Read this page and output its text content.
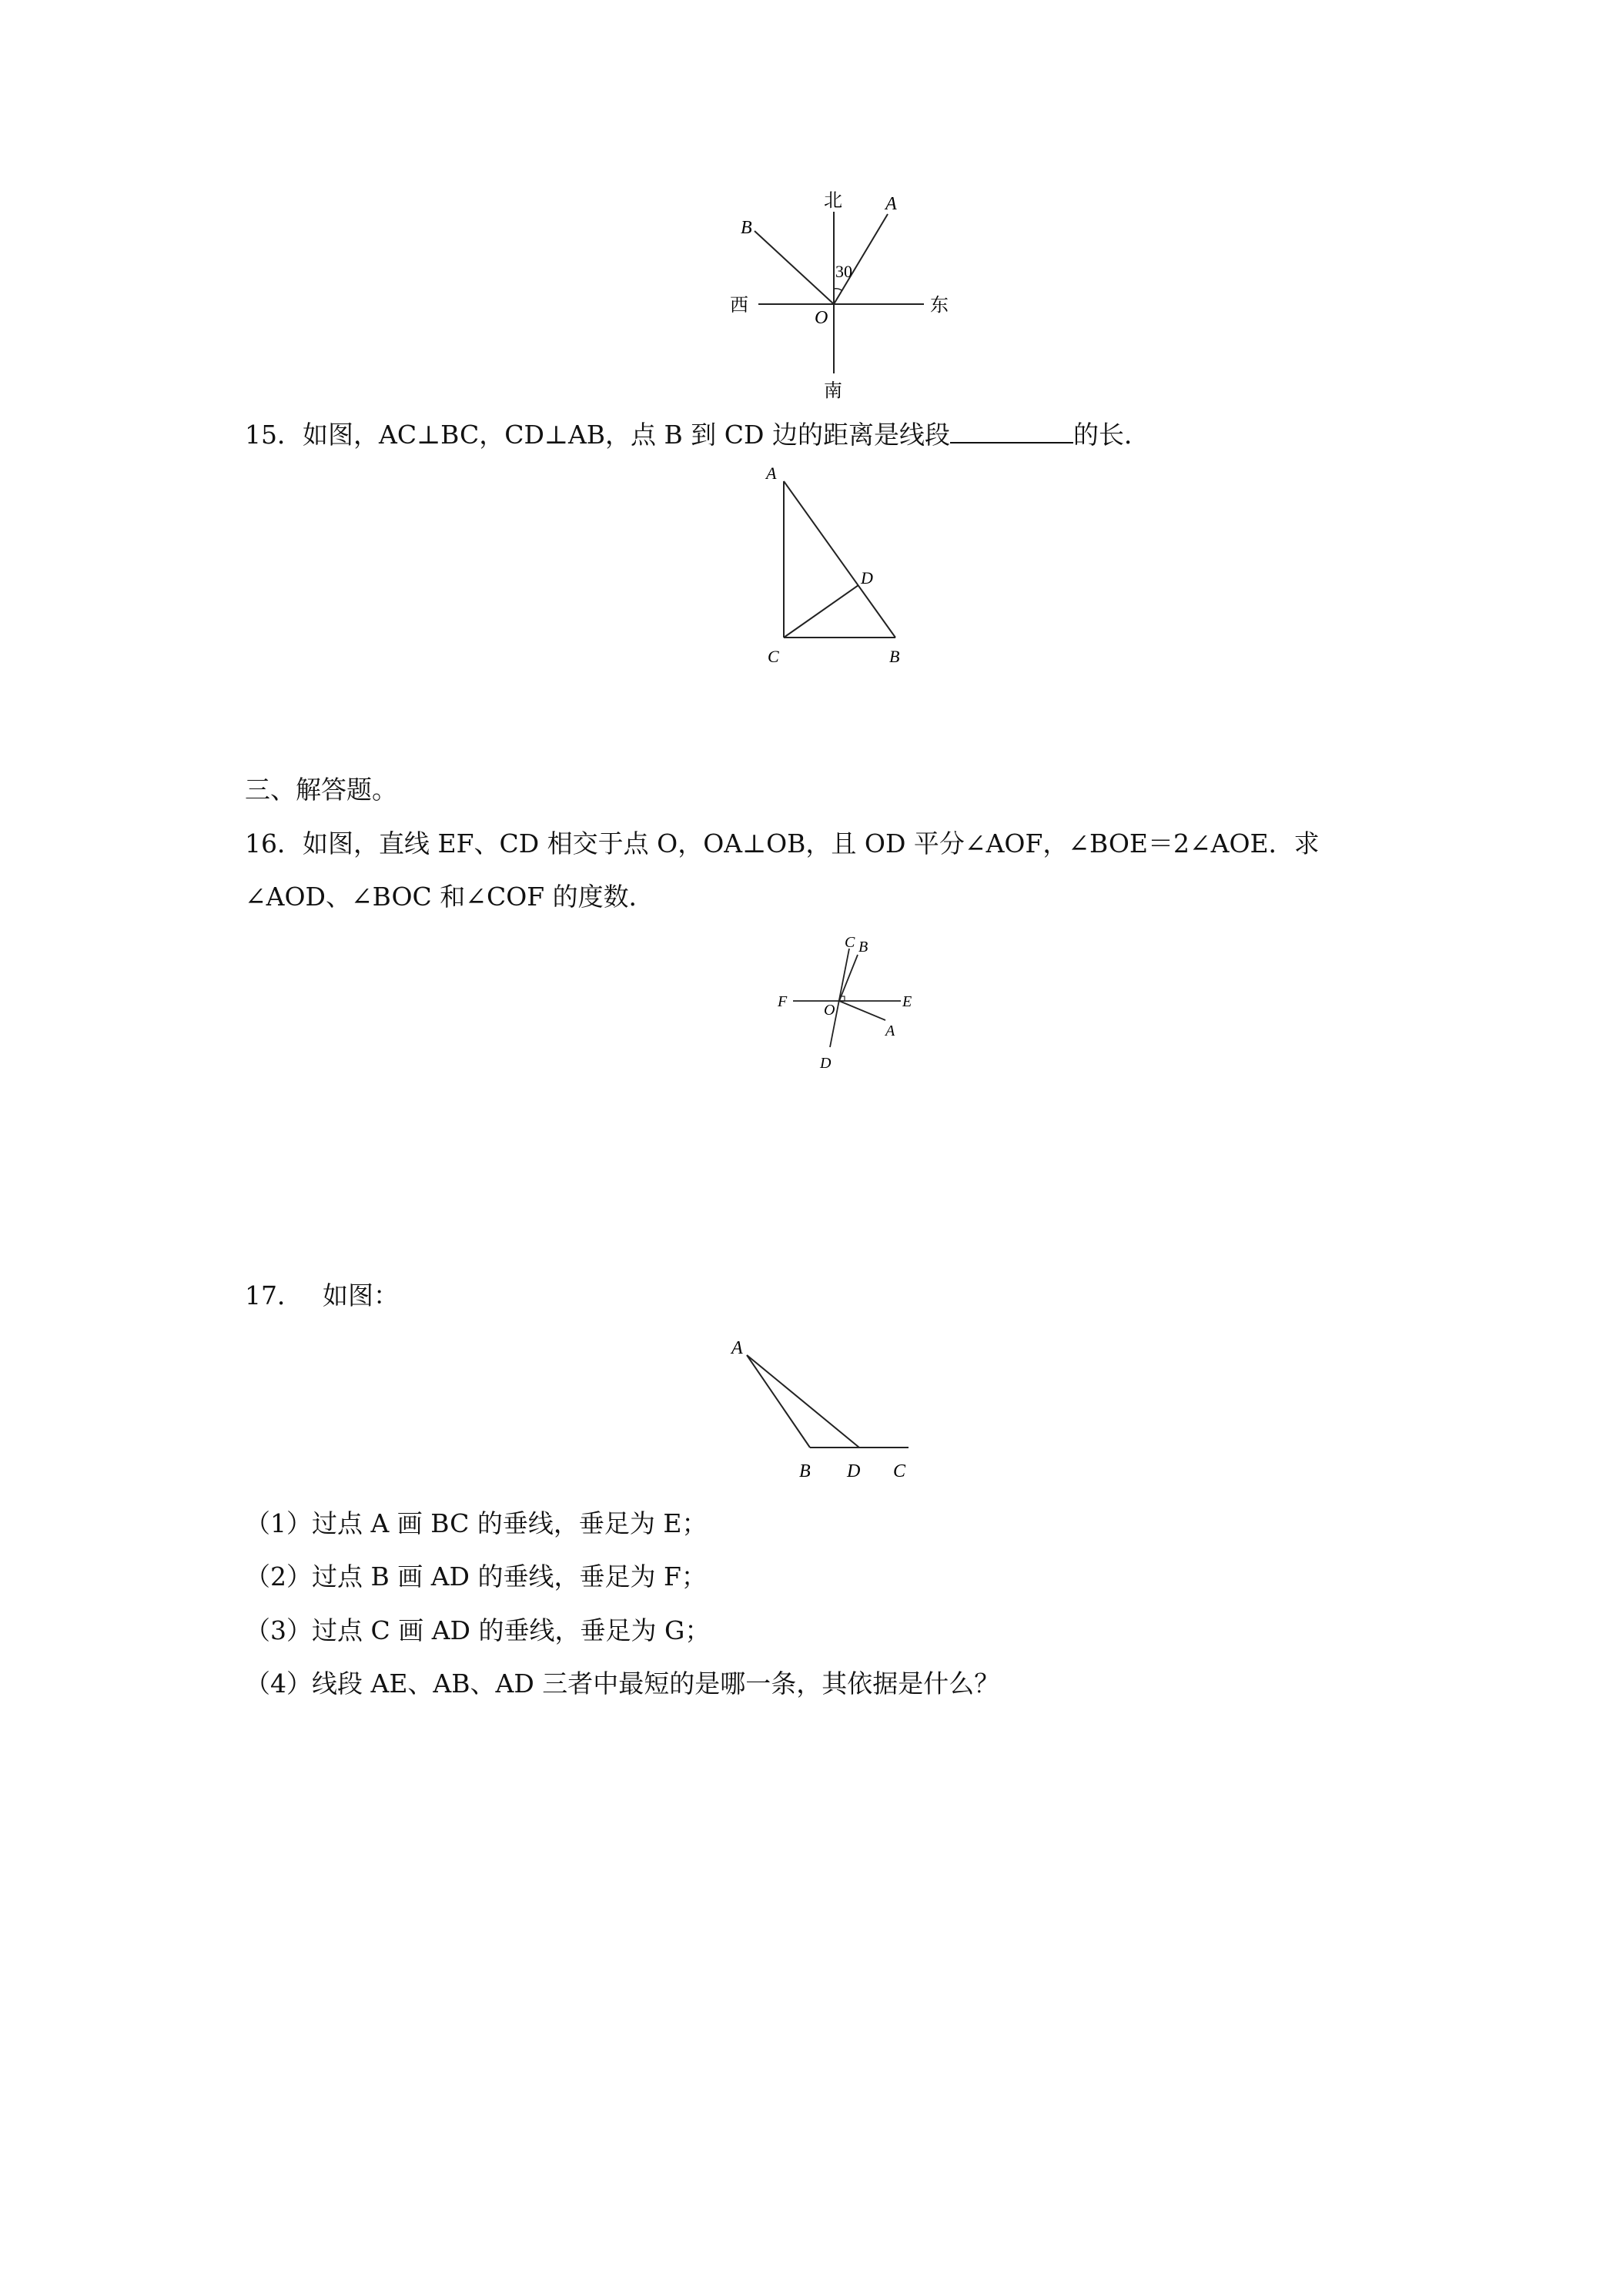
北
南
西	东
B
A
O
30
15．如图，AC⊥BC，CD⊥AB，点 B 到 CD 边的距离是线段	的长．
A
D
C	B
三、解答题。
16．如图，直线 EF、CD 相交于点 O，OA⊥OB，且 OD 平分∠AOF，∠BOE＝2∠AOE．求
∠AOD、∠BOC 和∠COF 的度数．
C B
F O	E
A
D
17． 如图：
A
B D C
（1）过点 A 画 BC 的垂线，垂足为 E；
（2）过点 B 画 AD 的垂线，垂足为 F；
（3）过点 C 画 AD 的垂线，垂足为 G；
（4）线段 AE、AB、AD 三者中最短的是哪一条，其依据是什么？
